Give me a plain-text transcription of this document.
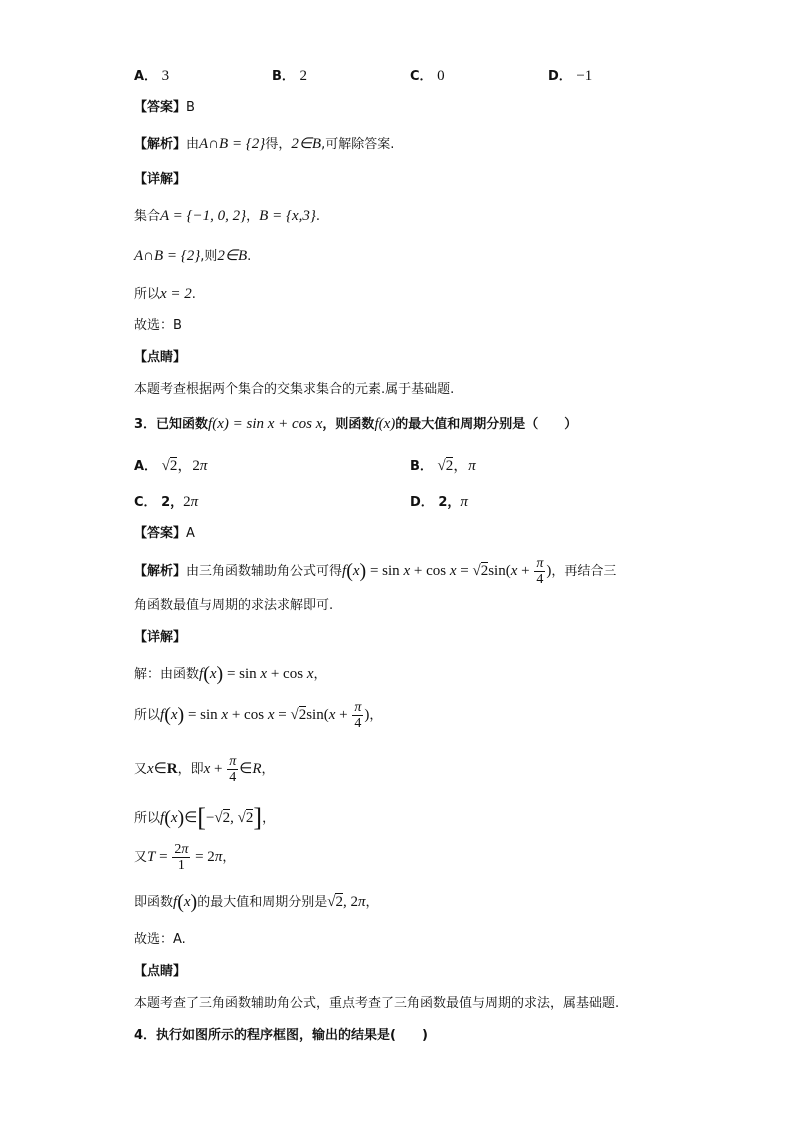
A． 3	B． 2	C． 0	D． −1
【答案】B
【解析】由A∩B = {2}得，2∈B,可解除答案.
【详解】
集合A = {−1, 0, 2}，B = {x,3}.
A∩B = {2},则2∈B.
所以x = 2.
故选：B
【点睛】
本题考查根据两个集合的交集求集合的元素.属于基础题.
3．已知函数f(x) = sin x + cos x，则函数f(x)的最大值和周期分别是（　　）
A． √2，2π	B． √2，π
C． 2，2π	D． 2，π
【答案】A
【解析】由三角函数辅助角公式可得$f(x) = \sin x + \cos x = √2\sin(x + \frac{\pi}{4}$ )，再结合三
角函数最值与周期的求法求解即可.
【详解】
解：由函数f(x) = sin x + cos x，
所以$f(x) = \sin x + \cos x = √2\sin(x + \frac{\pi}{4}$ )，
又x∈R，即$x + \frac{\pi}{4}$ ∈R，
所以f(x)∈[−√2, √2]，
又$T = \frac{2\pi}{1} = 2\pi$，
即函数f(x)的最大值和周期分别是√2, 2π，
故选：A.
【点睛】
本题考查了三角函数辅助角公式，重点考查了三角函数最值与周期的求法，属基础题.
4．执行如图所示的程序框图，输出的结果是(　　)
